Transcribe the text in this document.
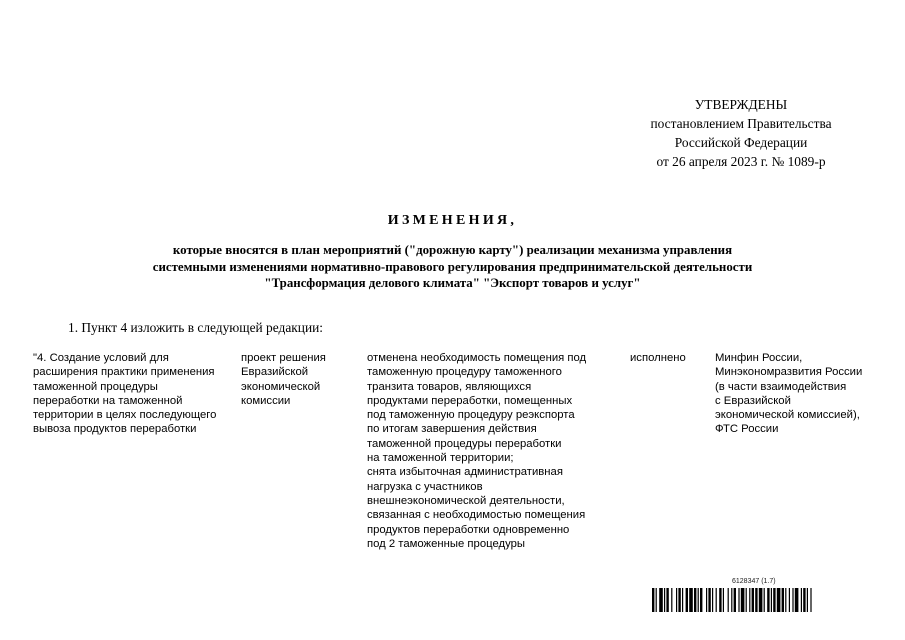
УТВЕРЖДЕНЫ
постановлением Правительства
Российской Федерации
от 26 апреля 2023 г. № 1089-р
ИЗМЕНЕНИЯ,
которые вносятся в план мероприятий ("дорожную карту") реализации механизма управления
системными изменениями нормативно-правового регулирования предпринимательской деятельности
"Трансформация делового климата" "Экспорт товаров и услуг"
1. Пункт 4 изложить в следующей редакции:
"4. Создание условий для
расширения практики применения
таможенной процедуры
переработки на таможенной
территории в целях последующего
вывоза продуктов переработки
проект решения
Евразийской
экономической
комиссии
отменена необходимость помещения под
таможенную процедуру таможенного
транзита товаров, являющихся
продуктами переработки, помещенных
под таможенную процедуру реэкспорта
по итогам завершения действия
таможенной процедуры переработки
на таможенной территории;
снята избыточная административная
нагрузка с участников
внешнеэкономической деятельности,
связанная с необходимостью помещения
продуктов переработки одновременно
под 2 таможенные процедуры
исполнено	Минфин России,
Минэкономразвития России
(в части взаимодействия
с Евразийской
экономической комиссией),
ФТС России
6128347 (1.7)
